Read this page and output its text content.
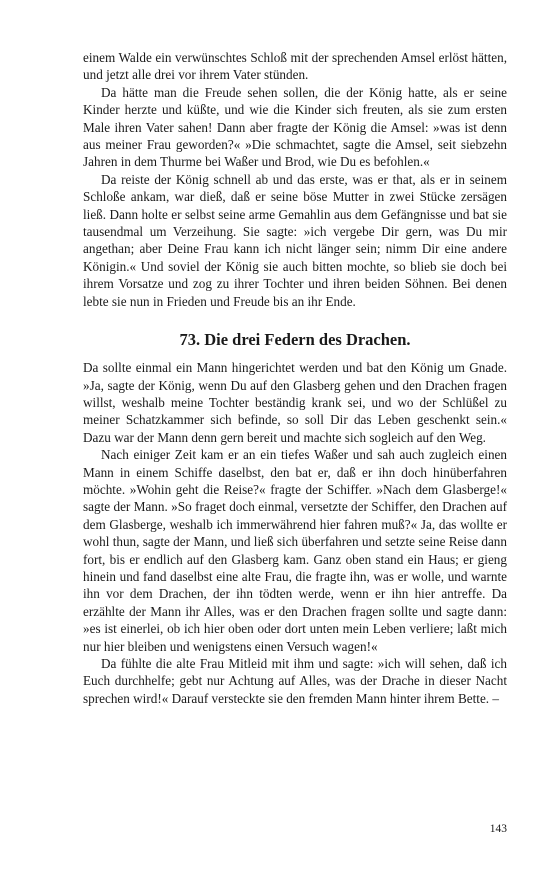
einem Walde ein verwünschtes Schloß mit der sprechenden Amsel erlöst hätten, und jetzt alle drei vor ihrem Vater stünden.

Da hätte man die Freude sehen sollen, die der König hatte, als er seine Kinder herzte und küßte, und wie die Kinder sich freuten, als sie zum ersten Male ihren Vater sahen! Dann aber fragte der König die Amsel: »was ist denn aus meiner Frau geworden?« »Die schmachtet, sagte die Amsel, seit siebzehn Jahren in dem Thurme bei Waßer und Brod, wie Du es befohlen.«

Da reiste der König schnell ab und das erste, was er that, als er in seinem Schloße ankam, war dieß, daß er seine böse Mutter in zwei Stücke zersägen ließ. Dann holte er selbst seine arme Gemahlin aus dem Gefängnisse und bat sie tausendmal um Verzeihung. Sie sagte: »ich vergebe Dir gern, was Du mir angethan; aber Deine Frau kann ich nicht länger sein; nimm Dir eine andere Königin.« Und soviel der König sie auch bitten mochte, so blieb sie doch bei ihrem Vorsatze und zog zu ihrer Tochter und ihren beiden Söhnen. Bei denen lebte sie nun in Frieden und Freude bis an ihr Ende.

73. Die drei Federn des Drachen.

Da sollte einmal ein Mann hingerichtet werden und bat den König um Gnade. »Ja, sagte der König, wenn Du auf den Glasberg gehen und den Drachen fragen willst, weshalb meine Tochter beständig krank sei, und wo der Schlüßel zu meiner Schatzkammer sich befinde, so soll Dir das Leben geschenkt sein.« Dazu war der Mann denn gern bereit und machte sich sogleich auf den Weg.

Nach einiger Zeit kam er an ein tiefes Waßer und sah auch zugleich einen Mann in einem Schiffe daselbst, den bat er, daß er ihn doch hinüberfahren möchte. »Wohin geht die Reise?« fragte der Schiffer. »Nach dem Glasberge!« sagte der Mann. »So fraget doch einmal, versetzte der Schiffer, den Drachen auf dem Glasberge, weshalb ich immerwährend hier fahren muß?« Ja, das wollte er wohl thun, sagte der Mann, und ließ sich überfahren und setzte seine Reise dann fort, bis er endlich auf den Glasberg kam. Ganz oben stand ein Haus; er gieng hinein und fand daselbst eine alte Frau, die fragte ihn, was er wolle, und warnte ihn vor dem Drachen, der ihn tödten werde, wenn er ihn hier antreffe. Da erzählte der Mann ihr Alles, was er den Drachen fragen sollte und sagte dann: »es ist einerlei, ob ich hier oben oder dort unten mein Leben verliere; laßt mich nur hier bleiben und wenigstens einen Versuch wagen!«

Da fühlte die alte Frau Mitleid mit ihm und sagte: »ich will sehen, daß ich Euch durchhelfe; gebt nur Achtung auf Alles, was der Drache in dieser Nacht sprechen wird!« Darauf versteckte sie den fremden Mann hinter ihrem Bette. –

143
